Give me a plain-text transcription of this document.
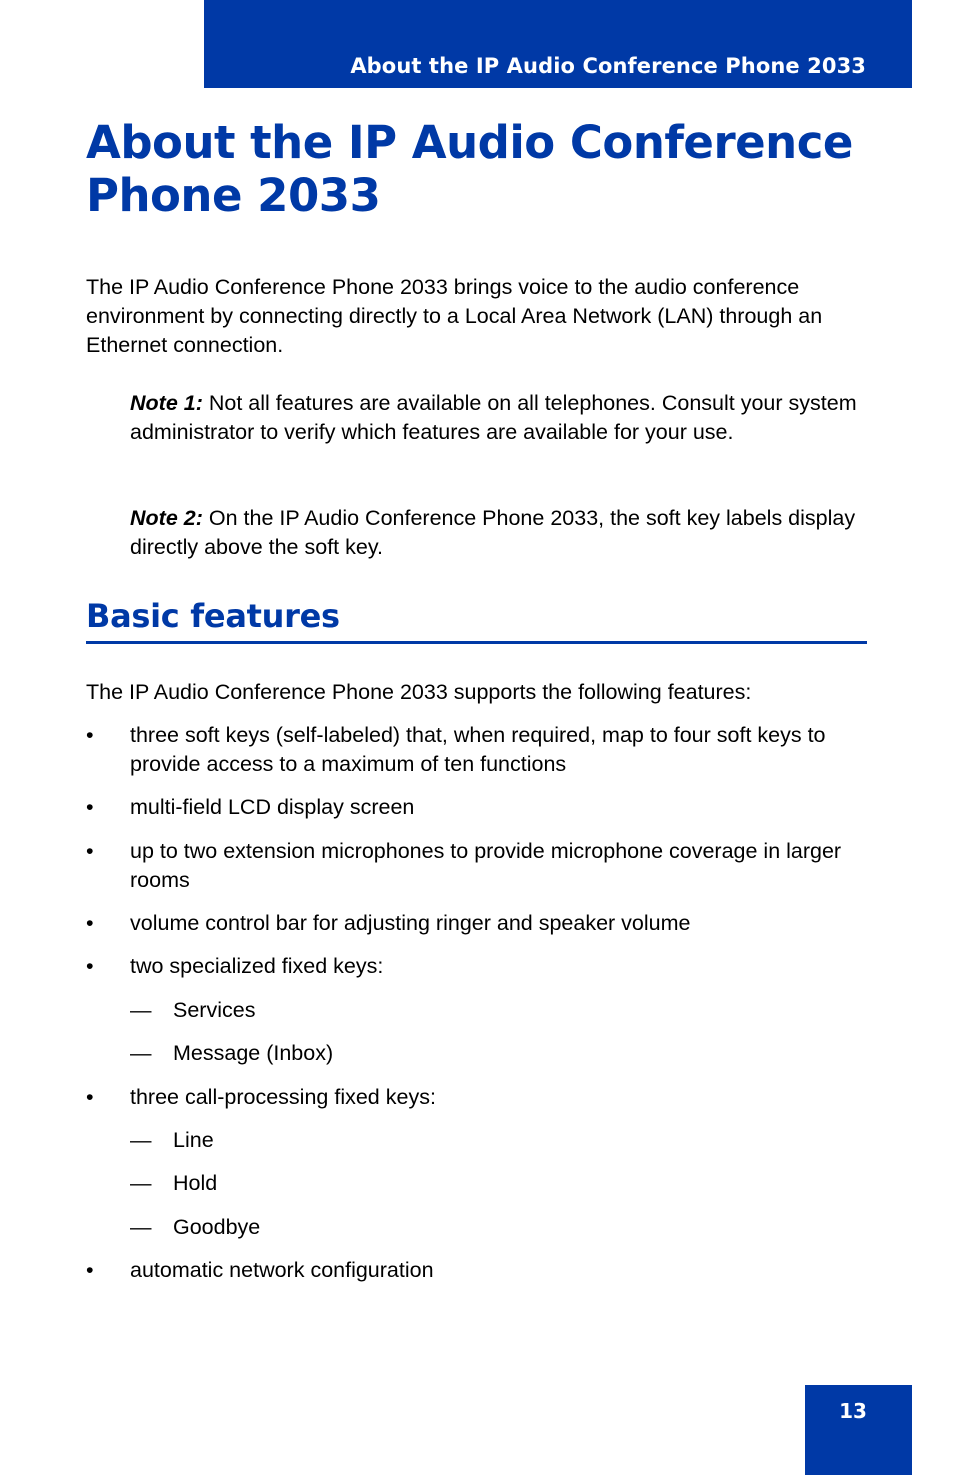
About the IP Audio Conference Phone 2033
About the IP Audio Conference Phone 2033

The IP Audio Conference Phone 2033 brings voice to the audio conference environment by connecting directly to a Local Area Network (LAN) through an Ethernet connection.

Note 1: Not all features are available on all telephones. Consult your system administrator to verify which features are available for your use.

Note 2: On the IP Audio Conference Phone 2033, the soft key labels display directly above the soft key.

Basic features

The IP Audio Conference Phone 2033 supports the following features:

• three soft keys (self-labeled) that, when required, map to four soft keys to provide access to a maximum of ten functions
• multi-field LCD display screen
• up to two extension microphones to provide microphone coverage in larger rooms
• volume control bar for adjusting ringer and speaker volume
• two specialized fixed keys:
— Services
— Message (Inbox)
• three call-processing fixed keys:
— Line
— Hold
— Goodbye
• automatic network configuration
13
